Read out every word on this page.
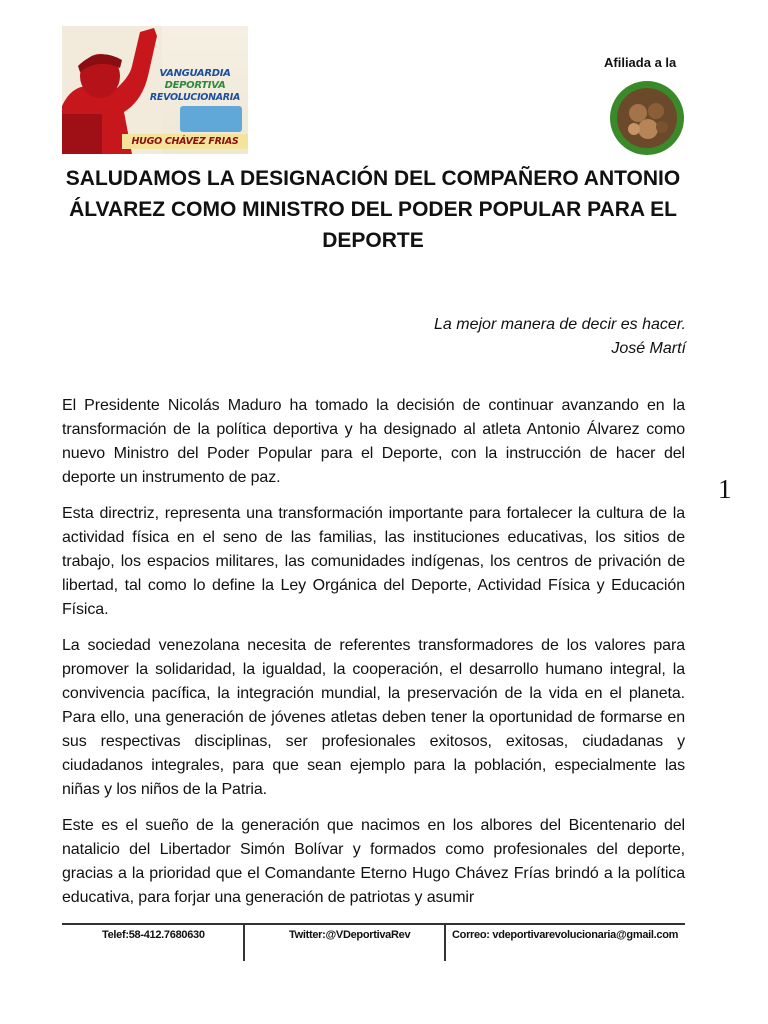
VANGUARDIA
DEPORTIVA
REVOLUCIONARIA
HUGO CHÁVEZ FRIAS
Afiliada a la
SALUDAMOS LA DESIGNACIÓN DEL COMPAÑERO ANTONIO ÁLVAREZ COMO MINISTRO DEL PODER POPULAR PARA EL DEPORTE
La mejor manera de decir es hacer.
José Martí

El Presidente Nicolás Maduro ha tomado la decisión de continuar avanzando en la transformación de la política deportiva y ha designado al atleta Antonio Álvarez como nuevo Ministro del Poder Popular para el Deporte, con la instrucción de hacer del deporte un instrumento de paz.

Esta directriz, representa una transformación importante para fortalecer la cultura de la actividad física en el seno de las familias, las instituciones educativas, los sitios de trabajo, los espacios militares, las comunidades indígenas, los centros de privación de libertad, tal como lo define la Ley Orgánica del Deporte, Actividad Física y Educación Física.

La sociedad venezolana necesita de referentes transformadores de los valores para promover la solidaridad, la igualdad, la cooperación, el desarrollo humano integral, la convivencia pacífica, la integración mundial, la preservación de la vida en el planeta. Para ello, una generación de jóvenes atletas deben tener la oportunidad de formarse en sus respectivas disciplinas, ser profesionales exitosos, exitosas, ciudadanas y ciudadanos integrales, para que sean ejemplo para la población, especialmente las niñas y los niños de la Patria.

Este es el sueño de la generación que nacimos en los albores del Bicentenario del natalicio del Libertador Simón Bolívar y formados como profesionales del deporte, gracias a la prioridad que el Comandante Eterno Hugo Chávez Frías brindó a la política educativa, para forjar una generación de patriotas y asumir

1
Telef:58-412.7680630	Twitter:@VDeportivaRev	Correo: vdeportivarevolucionaria@gmail.com
